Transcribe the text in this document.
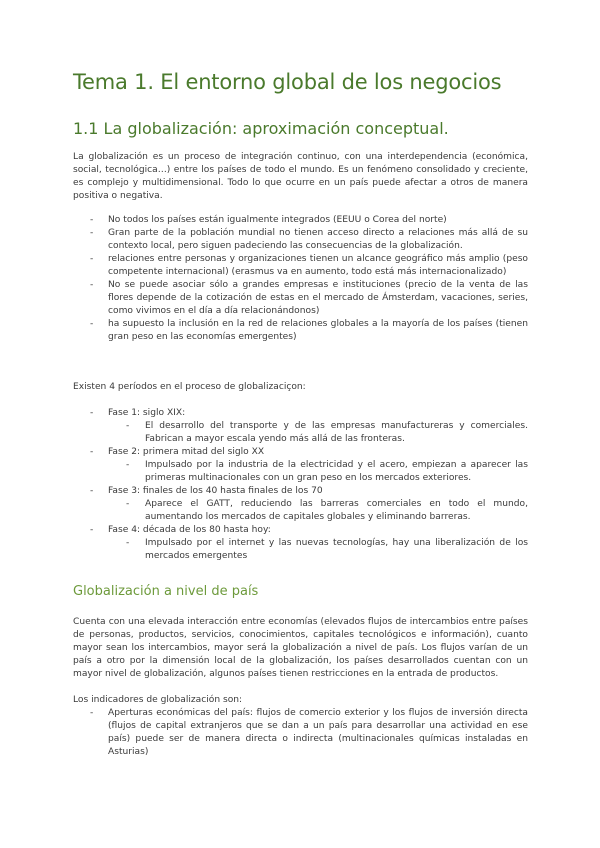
Tema 1. El entorno global de los negocios
1.1 La globalización: aproximación conceptual.

La globalización es un proceso de integración continuo, con una interdependencia (económica, social, tecnológica…) entre los países de todo el mundo. Es un fenómeno consolidado y creciente, es complejo y multidimensional. Todo lo que ocurre en un país puede afectar a otros de manera positiva o negativa.

- No todos los países están igualmente integrados (EEUU o Corea del norte)
- Gran parte de la población mundial no tienen acceso directo a relaciones más allá de su contexto local, pero siguen padeciendo las consecuencias de la globalización.
- relaciones entre personas y organizaciones tienen un alcance geográfico más amplio (peso competente internacional) (erasmus va en aumento, todo está más internacionalizado)
- No se puede asociar sólo a grandes empresas e instituciones (precio de la venta de las flores depende de la cotización de estas en el mercado de Ámsterdam, vacaciones, series, como vivimos en el día a día relacionándonos)
- ha supuesto la inclusión en la red de relaciones globales a la mayoría de los países (tienen gran peso en las economías emergentes)

Existen 4 períodos en el proceso de globalizaciçon:

- Fase 1: siglo XIX:
- El desarrollo del transporte y de las empresas manufactureras y comerciales. Fabrican a mayor escala yendo más allá de las fronteras.
- Fase 2: primera mitad del siglo XX
- Impulsado por la industria de la electricidad y el acero, empiezan a aparecer las primeras multinacionales con un gran peso en los mercados exteriores.
- Fase 3: finales de los 40 hasta finales de los 70
- Aparece el GATT, reduciendo las barreras comerciales en todo el mundo, aumentando los mercados de capitales globales y eliminando barreras.
- Fase 4: década de los 80 hasta hoy:
- Impulsado por el internet y las nuevas tecnologías, hay una liberalización de los mercados emergentes
Globalización a nivel de país

Cuenta con una elevada interacción entre economías (elevados flujos de intercambios entre países de personas, productos, servicios, conocimientos, capitales tecnológicos e información), cuanto mayor sean los intercambios, mayor será la globalización a nivel de país. Los flujos varían de un país a otro por la dimensión local de la globalización, los países desarrollados cuentan con un mayor nivel de globalización, algunos países tienen restricciones en la entrada de productos.

Los indicadores de globalización son:

- Aperturas económicas del país: flujos de comercio exterior y los flujos de inversión directa (flujos de capital extranjeros que se dan a un país para desarrollar una actividad en ese país) puede ser de manera directa o indirecta (multinacionales químicas instaladas en Asturias)
